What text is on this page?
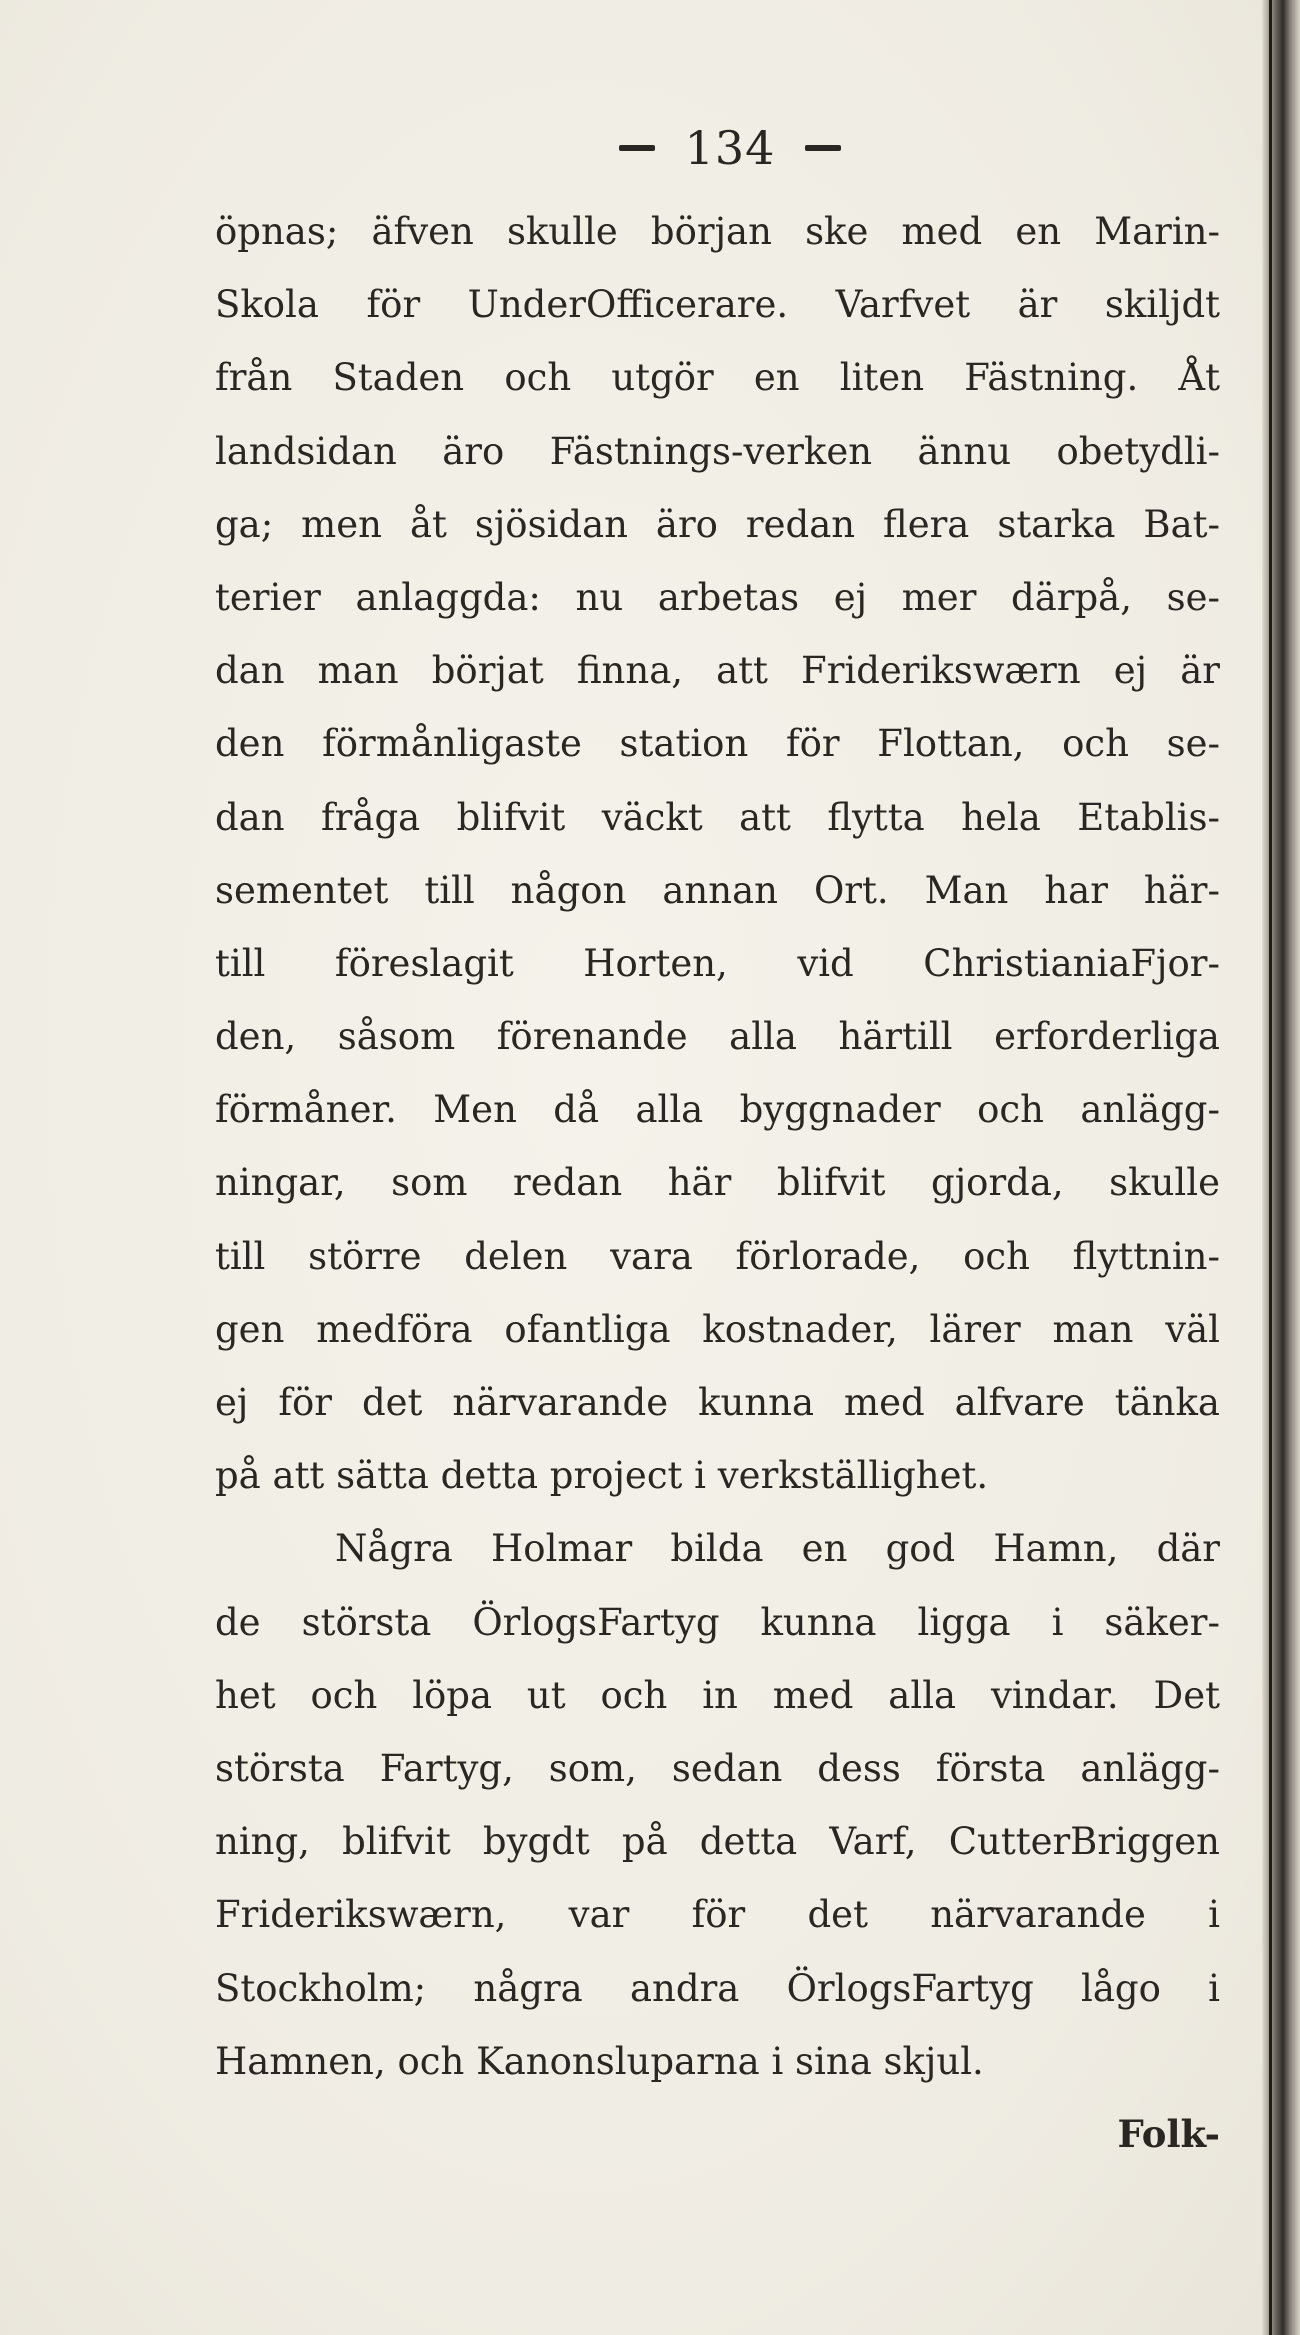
134
öpnas; äfven skulle början ske med en Marin-
Skola för UnderOfficerare. Varfvet är skiljdt
från Staden och utgör en liten Fästning. Åt
landsidan äro Fästnings-verken ännu obetydli-
ga; men åt sjösidan äro redan flera starka Bat-
terier anlaggda: nu arbetas ej mer därpå, se-
dan man börjat finna, att Friderikswærn ej är
den förmånligaste station för Flottan, och se-
dan fråga blifvit väckt att flytta hela Etablis-
sementet till någon annan Ort. Man har här-
till föreslagit Horten, vid ChristianiaFjor-
den, såsom förenande alla härtill erforderliga
förmåner. Men då alla byggnader och anlägg-
ningar, som redan här blifvit gjorda, skulle
till större delen vara förlorade, och flyttnin-
gen medföra ofantliga kostnader, lärer man väl
ej för det närvarande kunna med alfvare tänka
på att sätta detta project i verkställighet.
Några Holmar bilda en god Hamn, där
de största ÖrlogsFartyg kunna ligga i säker-
het och löpa ut och in med alla vindar. Det
största Fartyg, som, sedan dess första anlägg-
ning, blifvit bygdt på detta Varf, CutterBriggen
Friderikswærn, var för det närvarande i
Stockholm; några andra ÖrlogsFartyg lågo i
Hamnen, och Kanonsluparna i sina skjul.
Folk-
